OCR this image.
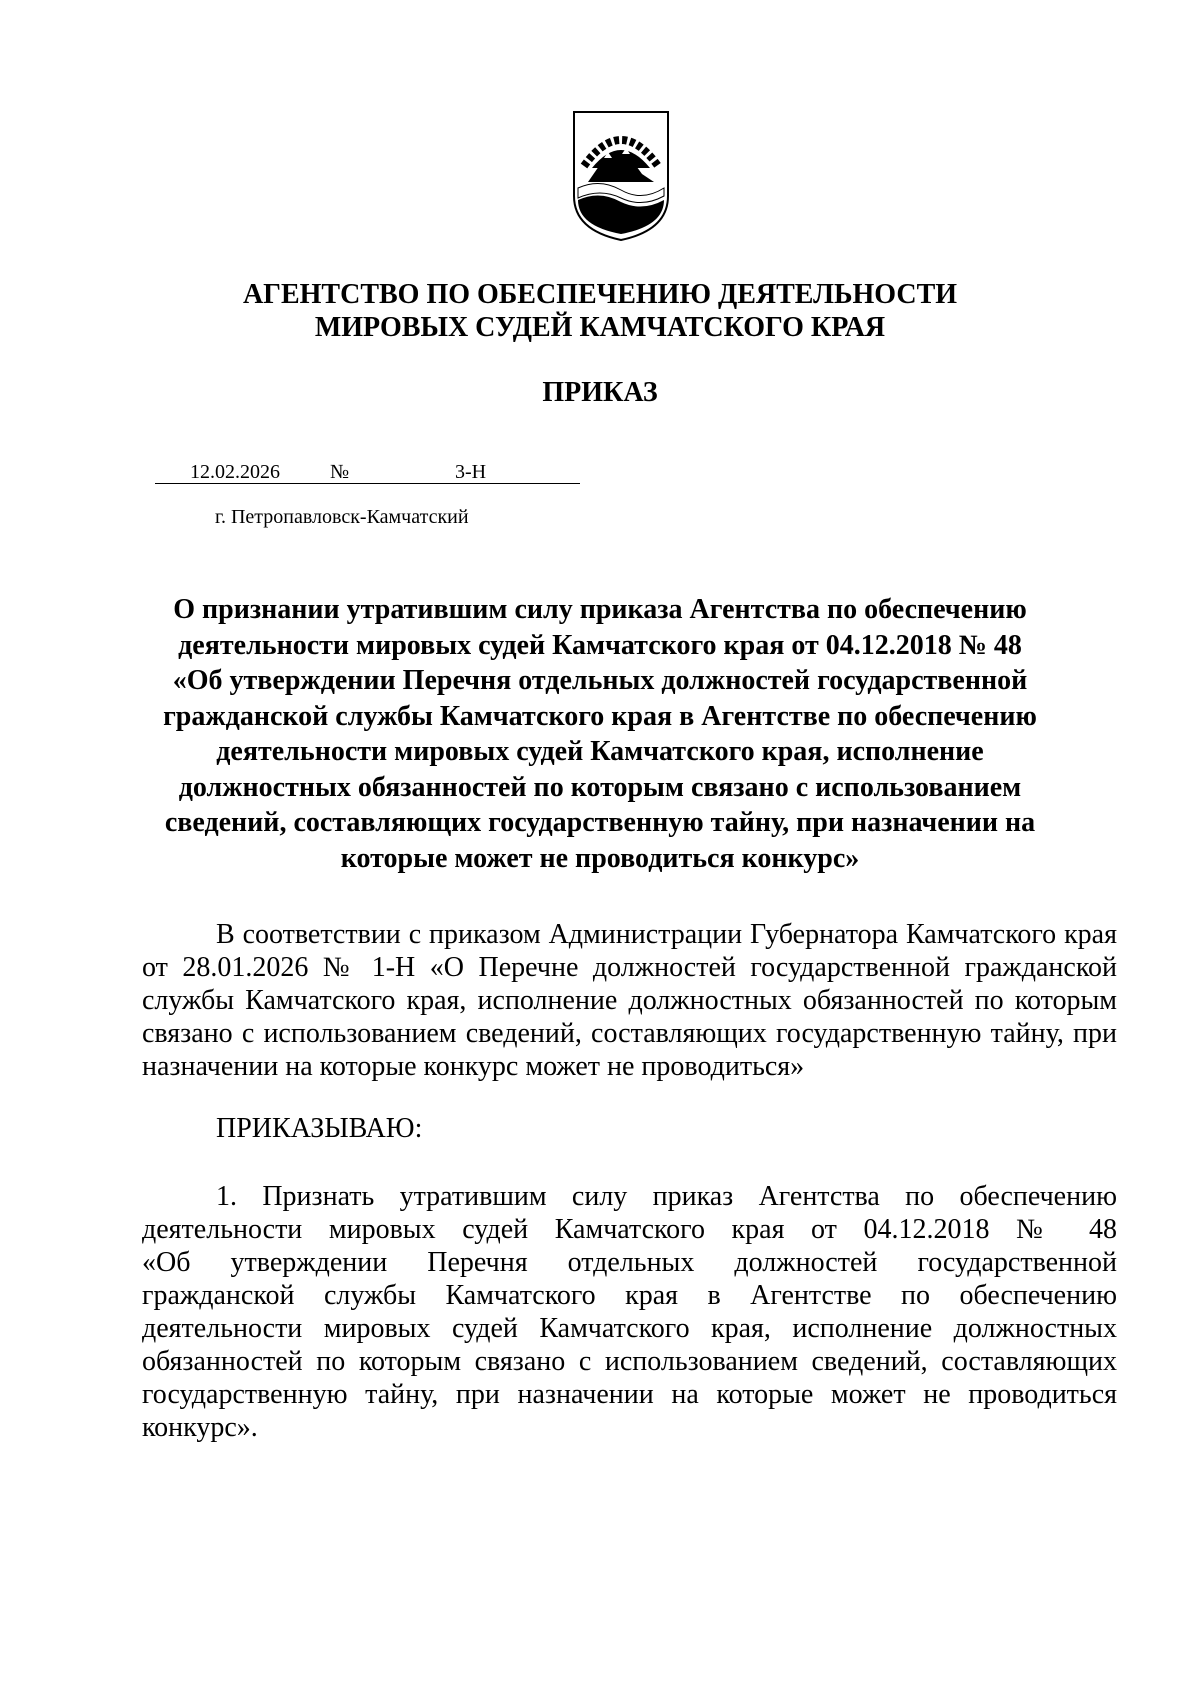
АГЕНТСТВО ПО ОБЕСПЕЧЕНИЮ ДЕЯТЕЛЬНОСТИ
МИРОВЫХ СУДЕЙ КАМЧАТСКОГО КРАЯ
ПРИКАЗ
12.02.2026	№	3-Н
г. Петропавловск-Камчатский
О признании утратившим силу приказа Агентства по обеспечению
деятельности мировых судей Камчатского края от 04.12.2018 № 48
«Об утверждении Перечня отдельных должностей государственной
гражданской службы Камчатского края в Агентстве по обеспечению
деятельности мировых судей Камчатского края, исполнение
должностных обязанностей по которым связано с использованием
сведений, составляющих государственную тайну, при назначении на
которые может не проводиться конкурс»
В соответствии с приказом Администрации Губернатора Камчатского края
от 28.01.2026 № 1-Н «О Перечне должностей государственной гражданской
службы Камчатского края, исполнение должностных обязанностей по которым
связано с использованием сведений, составляющих государственную тайну, при
назначении на которые конкурс может не проводиться»
ПРИКАЗЫВАЮ:
1. Признать утратившим силу приказ Агентства по обеспечению
деятельности мировых судей Камчатского края от 04.12.2018 № 48
«Об утверждении Перечня отдельных должностей государственной
гражданской службы Камчатского края в Агентстве по обеспечению
деятельности мировых судей Камчатского края, исполнение должностных
обязанностей по которым связано с использованием сведений, составляющих
государственную тайну, при назначении на которые может не проводиться
конкурс».
